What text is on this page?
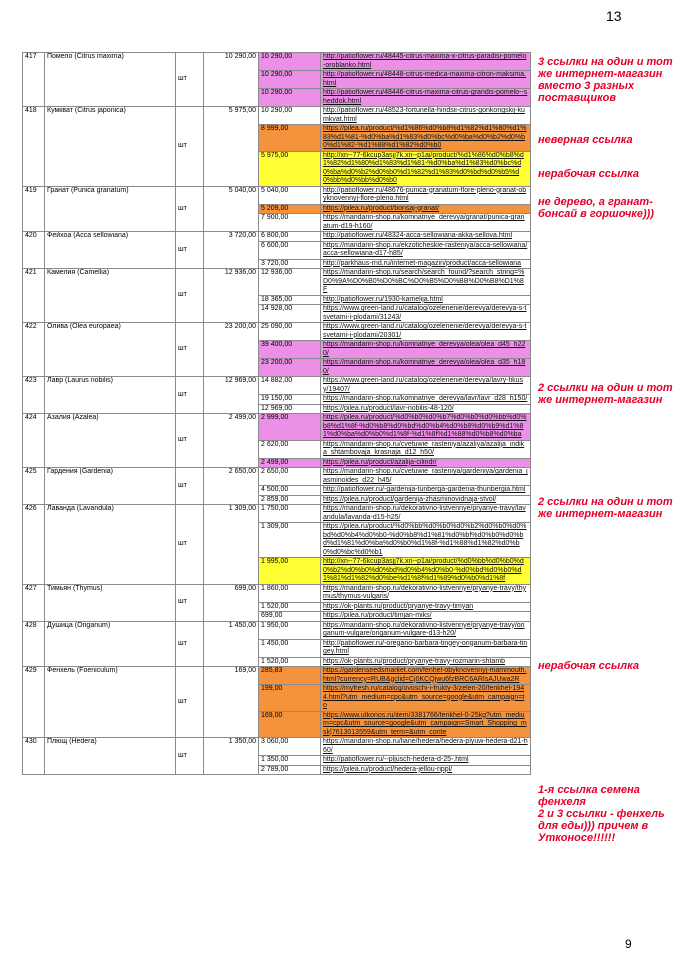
13
417	Помело (Citrus maxima)	шт	10 290,00	10 290,00	http://patioflower.ru/48445-citrus-maxima-x-citrus-paradisi-pomelo-oroblanko.html
				10 290,00	http://patioflower.ru/48448-citrus-medica-maxima-citron-maksima.html
				10 290,00	http://patioflower.ru/48446-citrus-maxima-citrus-grandis-pomelo--sheddok.html
418	Кумкват (Citrus japonica)	шт	5 975,00	10 290,00	http://patioflower.ru/48523-fortunella-hindsii-citrus-gonkongskij-kumkvat.html
				8 999,00	https://pilea.ru/product/%d1%86%d0%b8%d1%82%d1%80%d1%83%d1%81-%d0%ba%d1%83%d0%bc%d0%ba%d0%b2%d0%b0%d1%82-%d1%88%d1%82%d0%b0
				5 975,00	http://xn--77-6kcup3asjj7k.xn--p1ai/product/%d1%86%d0%b8%d1%82%d1%80%d1%83%d1%81-%d0%ba%d1%83%d0%bc%d0%ba%d0%b2%d0%b0%d1%82%d1%83%d0%bd%d0%b5%d0%bb%d0%bb%d0%b0
419	Гранат (Punica granatum)	шт	5 040,00	5 040,00	http://patioflower.ru/48676-punica-granatum-flore-pleno-granat-obyknovennyj-flore-pleno.html
				5 209,00	https://pilea.ru/product/bonsaj-granat/
				7 900,00	https://mandarin-shop.ru/komnatnye_derevya/granat/punica-granatum-d19-h160/
420	Фейхоа (Acca sellowiana)	шт	3 720,00	6 800,00	http://patioflower.ru/48324-acca-sellowiana-akka-sellova.html
				6 600,00	https://mandarin-shop.ru/ekzoticheskie-rasteniya/acca-sellowiana/acca-sellowiana-d17-h85/
				3 720,00	http://parkhaus-rnd.ru/internet-magazin/product/acca-sellowiana
421	Камелия (Camellia)	шт	12 936,00	12 936,00	https://mandarin-shop.ru/search/search_found/?search_string=%D0%9A%D0%B0%D0%BC%D0%B5%D0%BB%D0%B8%D1%8F
				18 365,00	http://patioflower.ru/1930-kamelija.html
				14 928,00	https://www.green-land.ru/catalog/ozelenenie/derevya/derevya-s-tsvetami-i-plodami/31243/
422	Олива (Olea europaea)	шт	23 200,00	25 090,00	https://www.green-land.ru/catalog/ozelenenie/derevya/derevya-s-tsvetami-i-plodami/20301/
				39 400,00	https://mandarin-shop.ru/komnatnye_derevya/olea/olea_d45_h220/
				23 200,00	https://mandarin-shop.ru/komnatnye_derevya/olea/olea_d35_h180/
423	Лавр (Laurus nobilis)	шт	12 969,00	14 882,00	https://www.green-land.ru/catalog/ozelenenie/derevya/lavry-fikusy/19407/
				19 150,00	https://mandarin-shop.ru/komnatnye_derevya/lavr/lavr_d28_h150/
				12 969,00	https://pilea.ru/product/lavr-nobilis-48-120/
424	Азалия (Azalea)	шт	2 499,00	2 999,00	https://pilea.ru/product/%d0%b0%d0%b7%d0%b0%d0%bb%d0%b8%d1%8f-%d0%b8%d0%bd%d0%b4%d0%b8%d0%b9%d1%81%d0%ba%d0%b0%d1%8f-%d1%8f%d1%88%d0%b8%d0%ba
				2 620,00	https://mandarin-shop.ru/cvetuwie_rasteniya/azaliya/azalija_indika_shtambovaja_krasnaja_d12_h50/
				2 499,00	https://pilea.ru/product/azalija-cilindr/
425	Гардения (Gardenia)	шт	2 650,00	2 650,00	https://mandarin-shop.ru/cvetuwie_rasteniya/gardeniya/gardenia_jasminoides_d22_h45/
				4 500,00	http://patioflower.ru/-gardenija-tunbergа-gardenia-thunbergia.html
				2 859,00	https://pilea.ru/product/gardenija-zhasminovidnaja-stvol/
426	Лаванда (Lavandula)	шт	1 309,00	1 750,00	https://mandarin-shop.ru/dekorativno-listvennye/pryanye-travy/lavandula/lavanda-d15-h25/
				1 309,00	https://pilea.ru/product/%d0%bb%d0%b0%d0%b2%d0%b0%d0%bd%d0%b4%d0%b0-%d0%b8%d1%81%d0%bf%d0%b0%d0%bd%d1%81%d0%ba%d0%b0%d1%8f-%d1%88%d1%82%d0%b0%d0%bc%d0%b1
				1 995,00	http://xn--77-6kcup3asjj7k.xn--p1ai/product/%d0%bb%d0%b0%d0%b2%d0%b0%d0%bd%d0%b4%d0%b0-%d0%bd%d0%b0%d1%81%d1%82%d0%be%d1%8f%d1%89%d0%b0%d1%8f
427	Тимьян (Thymus)	шт	699,00	1 860,00	https://mandarin-shop.ru/dekorativno-listvennye/pryanye-travy/thymus/thymus-vulgaris/
				1 520,00	https://ok-plants.ru/product/pryanye-travy-timyan
				699,00	https://pilea.ru/product/timjan-miks/
428	Душица (Origanum)	шт	1 450,00	1 950,00	https://mandarin-shop.ru/dekorativno-listvennye/pryanye-travy/origanum-vulgare/origanum-vulgare-d13-h20/
				1 450,00	http://patioflower.ru/-oregano-barbara-tingey-origanum-barbara-tingey.html
				1 520,00	https://ok-plants.ru/product/pryanye-travy-rozmarin-shtamb
429	Фенхель (Foeniculum)	шт	169,00	285,83	https://gardenseedsmarket.com/fenhel-obyknovennyj-mammouth.html?currency=RUB&gclid=Cj0KCQjwu6fzBRC6ARIsAJUwa2R
				199,00	https://myfresh.ru/catalog/ovoschi-i-frukty-3/zelen-20/fenkhel-1944.html?utm_medium=cpc&utm_source=google&utm_campaign=to
				169,00	https://www.utkonos.ru/item/3381766/fenkhel-0-25kg?utm_medium=cpc&utm_source=google&utm_campaign=Smart_Shopping_msk|7613013559&utm_term=&utm_conte
430	Плющ (Hedera)	шт	1 350,00	3 060,00	https://mandarin-shop.ru/liane/hedera/hedera-plyuw-hedera-d21-h60/
				1 350,00	http://patioflower.ru/--pljusch-hedera-d-25-.html
				2 789,00	https://pilea.ru/product/hedera-jellou-rippl/
3 ссылки на один и тот же интернет-магазин вместо 3 разных поставщиков
неверная ссылка
нерабочая ссылка
не дерево, а гранат-бонсай в горшочке)))
2 ссылки на один и тот же интернет-магазин
2 ссылки на один и тот же интернет-магазин
нерабочая ссылка
1-я ссылка семена фенхеля
2 и 3 ссылки - фенхель для еды))) причем в Утконосе!!!!!!
9
